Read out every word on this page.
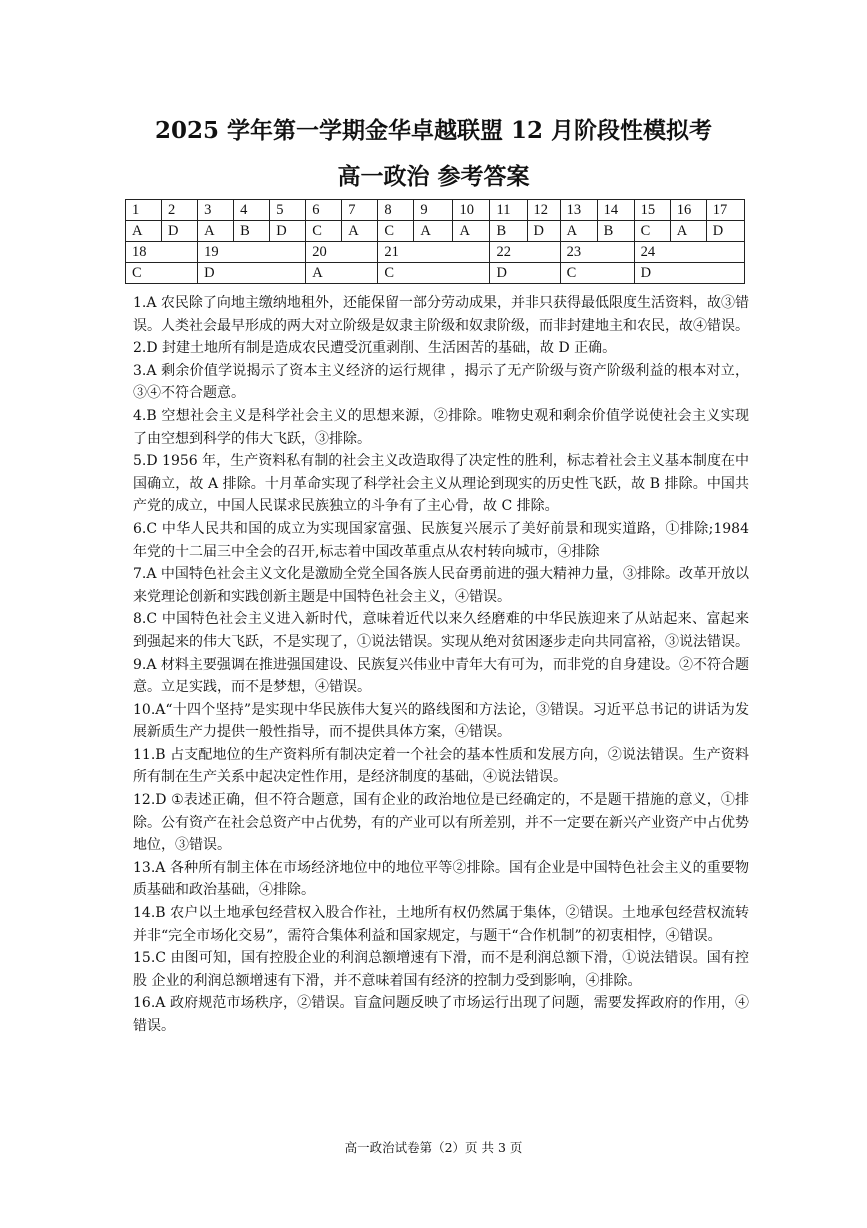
2025 学年第一学期金华卓越联盟 12 月阶段性模拟考
高一政治 参考答案
1	2	3	4	5	6	7	8	9	10	11	12	13	14	15	16	17
A	D	A	B	D	C	A	C	A	A	B	D	A	B	C	A	D
18		19			20		21			22		23		24		
C		D			A		C			D		C		D		

1.A 农民除了向地主缴纳地租外，还能保留一部分劳动成果，并非只获得最低限度生活资料，故③错误。人类社会最早形成的两大对立阶级是奴隶主阶级和奴隶阶级，而非封建地主和农民，故④错误。

2.D 封建土地所有制是造成农民遭受沉重剥削、生活困苦的基础，故 D 正确。

3.A 剩余价值学说揭示了资本主义经济的运行规律 ，揭示了无产阶级与资产阶级利益的根本对立，③④不符合题意。

4.B 空想社会主义是科学社会主义的思想来源，②排除。唯物史观和剩余价值学说使社会主义实现了由空想到科学的伟大飞跃，③排除。

5.D 1956 年，生产资料私有制的社会主义改造取得了决定性的胜利，标志着社会主义基本制度在中国确立，故 A 排除。十月革命实现了科学社会主义从理论到现实的历史性飞跃，故 B 排除。中国共产党的成立，中国人民谋求民族独立的斗争有了主心骨，故 C 排除。

6.C 中华人民共和国的成立为实现国家富强、民族复兴展示了美好前景和现实道路，①排除;1984 年党的十二届三中全会的召开,标志着中国改革重点从农村转向城市，④排除

7.A 中国特色社会主义文化是激励全党全国各族人民奋勇前进的强大精神力量，③排除。改革开放以来党理论创新和实践创新主题是中国特色社会主义，④错误。

8.C 中国特色社会主义进入新时代，意味着近代以来久经磨难的中华民族迎来了从站起来、富起来到强起来的伟大飞跃，不是实现了，①说法错误。实现从绝对贫困逐步走向共同富裕，③说法错误。

9.A 材料主要强调在推进强国建设、民族复兴伟业中青年大有可为，而非党的自身建设。②不符合题意。立足实践，而不是梦想，④错误。

10.A“十四个坚持”是实现中华民族伟大复兴的路线图和方法论，③错误。习近平总书记的讲话为发展新质生产力提供一般性指导，而不提供具体方案，④错误。

11.B 占支配地位的生产资料所有制决定着一个社会的基本性质和发展方向，②说法错误。生产资料所有制在生产关系中起决定性作用，是经济制度的基础，④说法错误。

12.D ①表述正确，但不符合题意，国有企业的政治地位是已经确定的，不是题干措施的意义，①排除。公有资产在社会总资产中占优势，有的产业可以有所差别，并不一定要在新兴产业资产中占优势地位，③错误。

13.A 各种所有制主体在市场经济地位中的地位平等②排除。国有企业是中国特色社会主义的重要物质基础和政治基础，④排除。

14.B 农户以土地承包经营权入股合作社，土地所有权仍然属于集体，②错误。土地承包经营权流转并非“完全市场化交易”，需符合集体利益和国家规定，与题干“合作机制”的初衷相悖，④错误。

15.C 由图可知，国有控股企业的利润总额增速有下滑，而不是利润总额下滑，①说法错误。国有控股 企业的利润总额增速有下滑，并不意味着国有经济的控制力受到影响，④排除。

16.A 政府规范市场秩序，②错误。盲盒问题反映了市场运行出现了问题，需要发挥政府的作用，④错误。

高一政治试卷第（2）页 共 3 页
